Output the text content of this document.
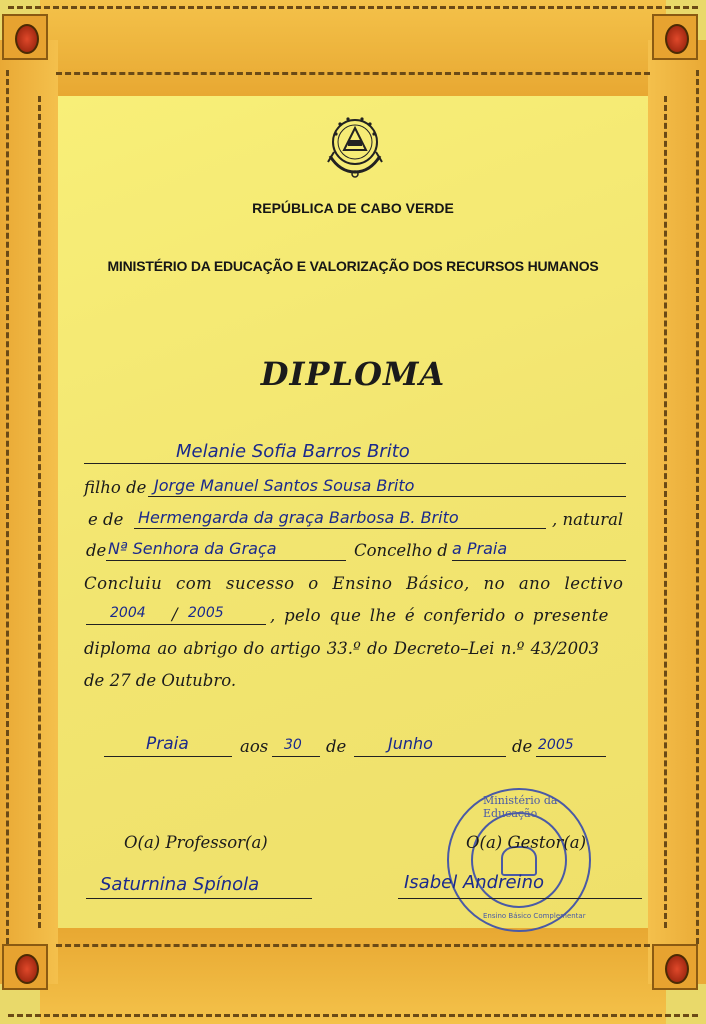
REPÚBLICA DE CABO VERDE
MINISTÉRIO DA EDUCAÇÃO E VALORIZAÇÃO DOS RECURSOS HUMANOS
DIPLOMA
Melanie Sofia Barros Brito
filho de Jorge Manuel Santos Sousa Brito
e de Hermengarda da graça Barbosa B. Brito	, natural
de Nª Senhora da Graça	Concelho d a Praia
Concluiu com sucesso o Ensino Básico, no ano lectivo
2004 / 2005	, pelo que lhe é conferido o presente
diploma ao abrigo do artigo 33.º do Decreto–Lei n.º 43/2003
de 27 de Outubro.
Praia	aos 30 de	Junho	de 2005
O(a) Professor(a)
Saturnina Spínola
Ministério da Educação
Ensino Básico Complementar
O(a) Gestor(a)
Isabel Andreino
